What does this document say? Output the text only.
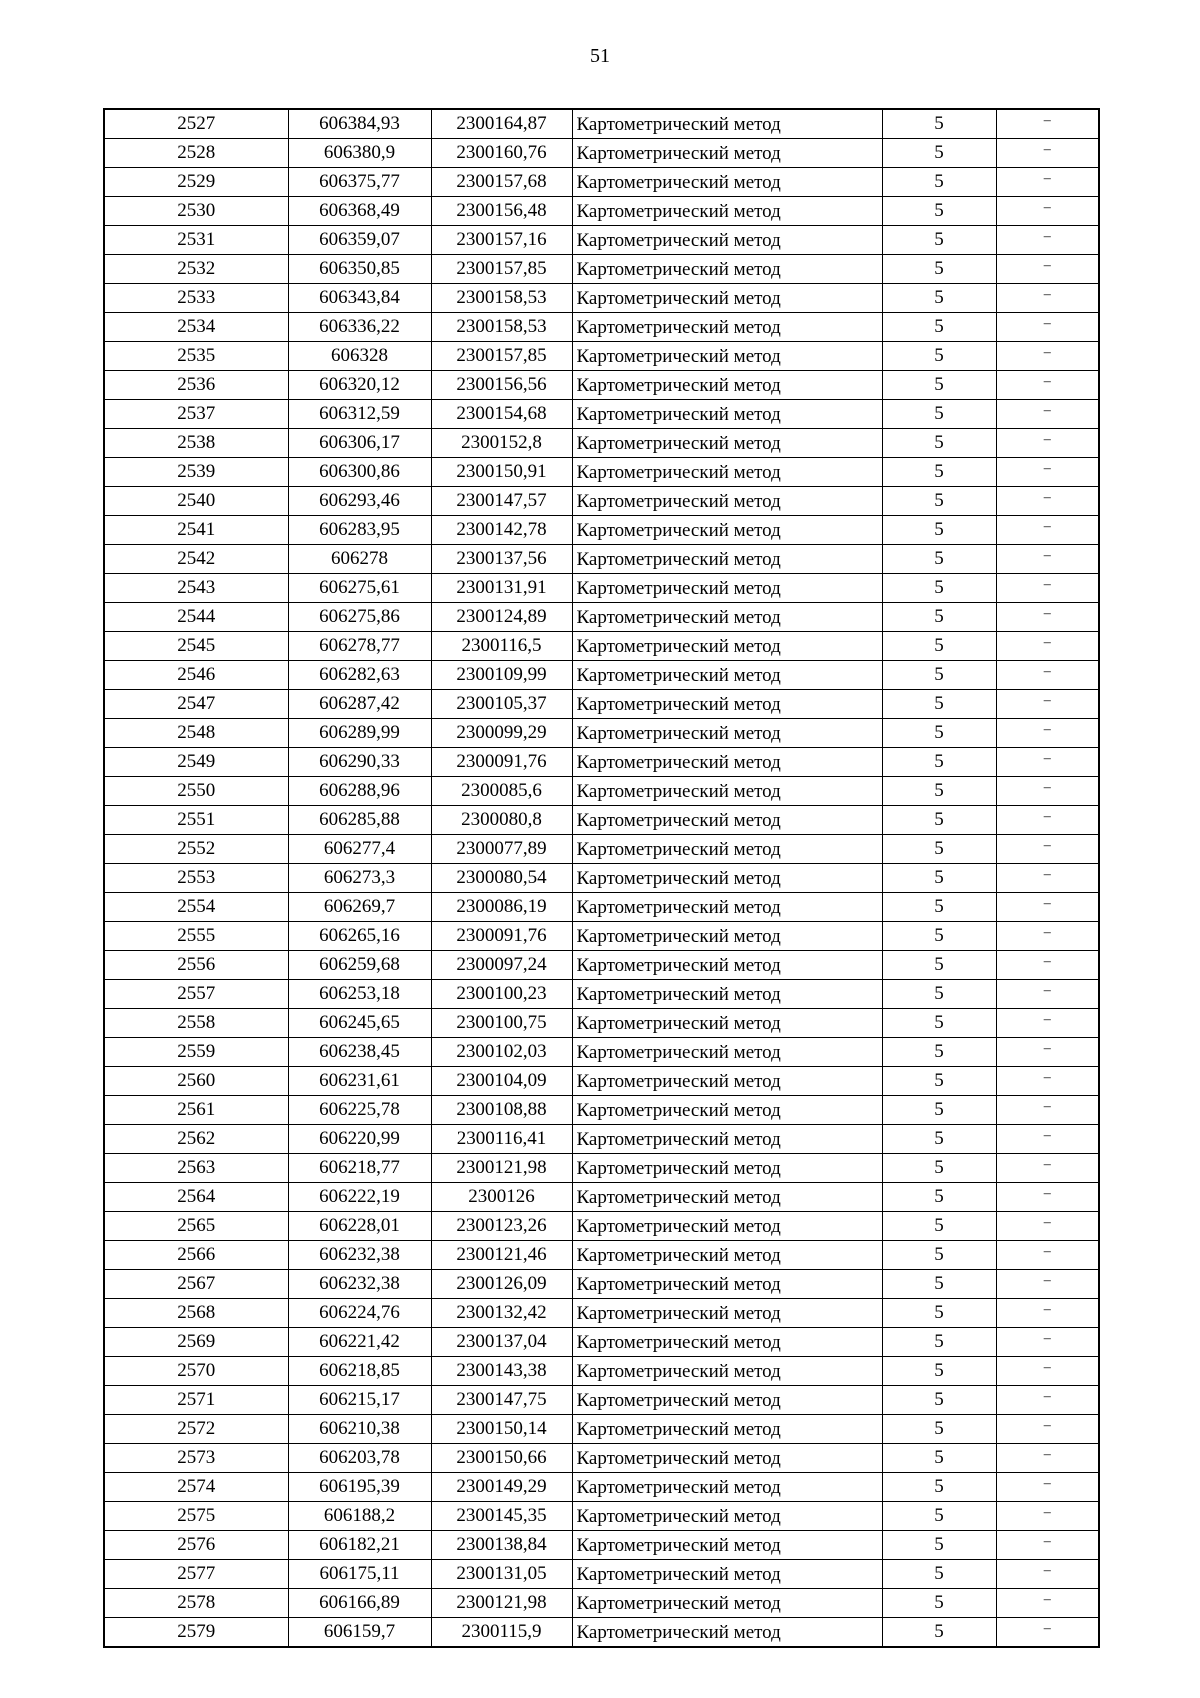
51
2527	606384,93	2300164,87	Картометрический метод	5	–
2528	606380,9	2300160,76	Картометрический метод	5	–
2529	606375,77	2300157,68	Картометрический метод	5	–
2530	606368,49	2300156,48	Картометрический метод	5	–
2531	606359,07	2300157,16	Картометрический метод	5	–
2532	606350,85	2300157,85	Картометрический метод	5	–
2533	606343,84	2300158,53	Картометрический метод	5	–
2534	606336,22	2300158,53	Картометрический метод	5	–
2535	606328	2300157,85	Картометрический метод	5	–
2536	606320,12	2300156,56	Картометрический метод	5	–
2537	606312,59	2300154,68	Картометрический метод	5	–
2538	606306,17	2300152,8	Картометрический метод	5	–
2539	606300,86	2300150,91	Картометрический метод	5	–
2540	606293,46	2300147,57	Картометрический метод	5	–
2541	606283,95	2300142,78	Картометрический метод	5	–
2542	606278	2300137,56	Картометрический метод	5	–
2543	606275,61	2300131,91	Картометрический метод	5	–
2544	606275,86	2300124,89	Картометрический метод	5	–
2545	606278,77	2300116,5	Картометрический метод	5	–
2546	606282,63	2300109,99	Картометрический метод	5	–
2547	606287,42	2300105,37	Картометрический метод	5	–
2548	606289,99	2300099,29	Картометрический метод	5	–
2549	606290,33	2300091,76	Картометрический метод	5	–
2550	606288,96	2300085,6	Картометрический метод	5	–
2551	606285,88	2300080,8	Картометрический метод	5	–
2552	606277,4	2300077,89	Картометрический метод	5	–
2553	606273,3	2300080,54	Картометрический метод	5	–
2554	606269,7	2300086,19	Картометрический метод	5	–
2555	606265,16	2300091,76	Картометрический метод	5	–
2556	606259,68	2300097,24	Картометрический метод	5	–
2557	606253,18	2300100,23	Картометрический метод	5	–
2558	606245,65	2300100,75	Картометрический метод	5	–
2559	606238,45	2300102,03	Картометрический метод	5	–
2560	606231,61	2300104,09	Картометрический метод	5	–
2561	606225,78	2300108,88	Картометрический метод	5	–
2562	606220,99	2300116,41	Картометрический метод	5	–
2563	606218,77	2300121,98	Картометрический метод	5	–
2564	606222,19	2300126	Картометрический метод	5	–
2565	606228,01	2300123,26	Картометрический метод	5	–
2566	606232,38	2300121,46	Картометрический метод	5	–
2567	606232,38	2300126,09	Картометрический метод	5	–
2568	606224,76	2300132,42	Картометрический метод	5	–
2569	606221,42	2300137,04	Картометрический метод	5	–
2570	606218,85	2300143,38	Картометрический метод	5	–
2571	606215,17	2300147,75	Картометрический метод	5	–
2572	606210,38	2300150,14	Картометрический метод	5	–
2573	606203,78	2300150,66	Картометрический метод	5	–
2574	606195,39	2300149,29	Картометрический метод	5	–
2575	606188,2	2300145,35	Картометрический метод	5	–
2576	606182,21	2300138,84	Картометрический метод	5	–
2577	606175,11	2300131,05	Картометрический метод	5	–
2578	606166,89	2300121,98	Картометрический метод	5	–
2579	606159,7	2300115,9	Картометрический метод	5	–
